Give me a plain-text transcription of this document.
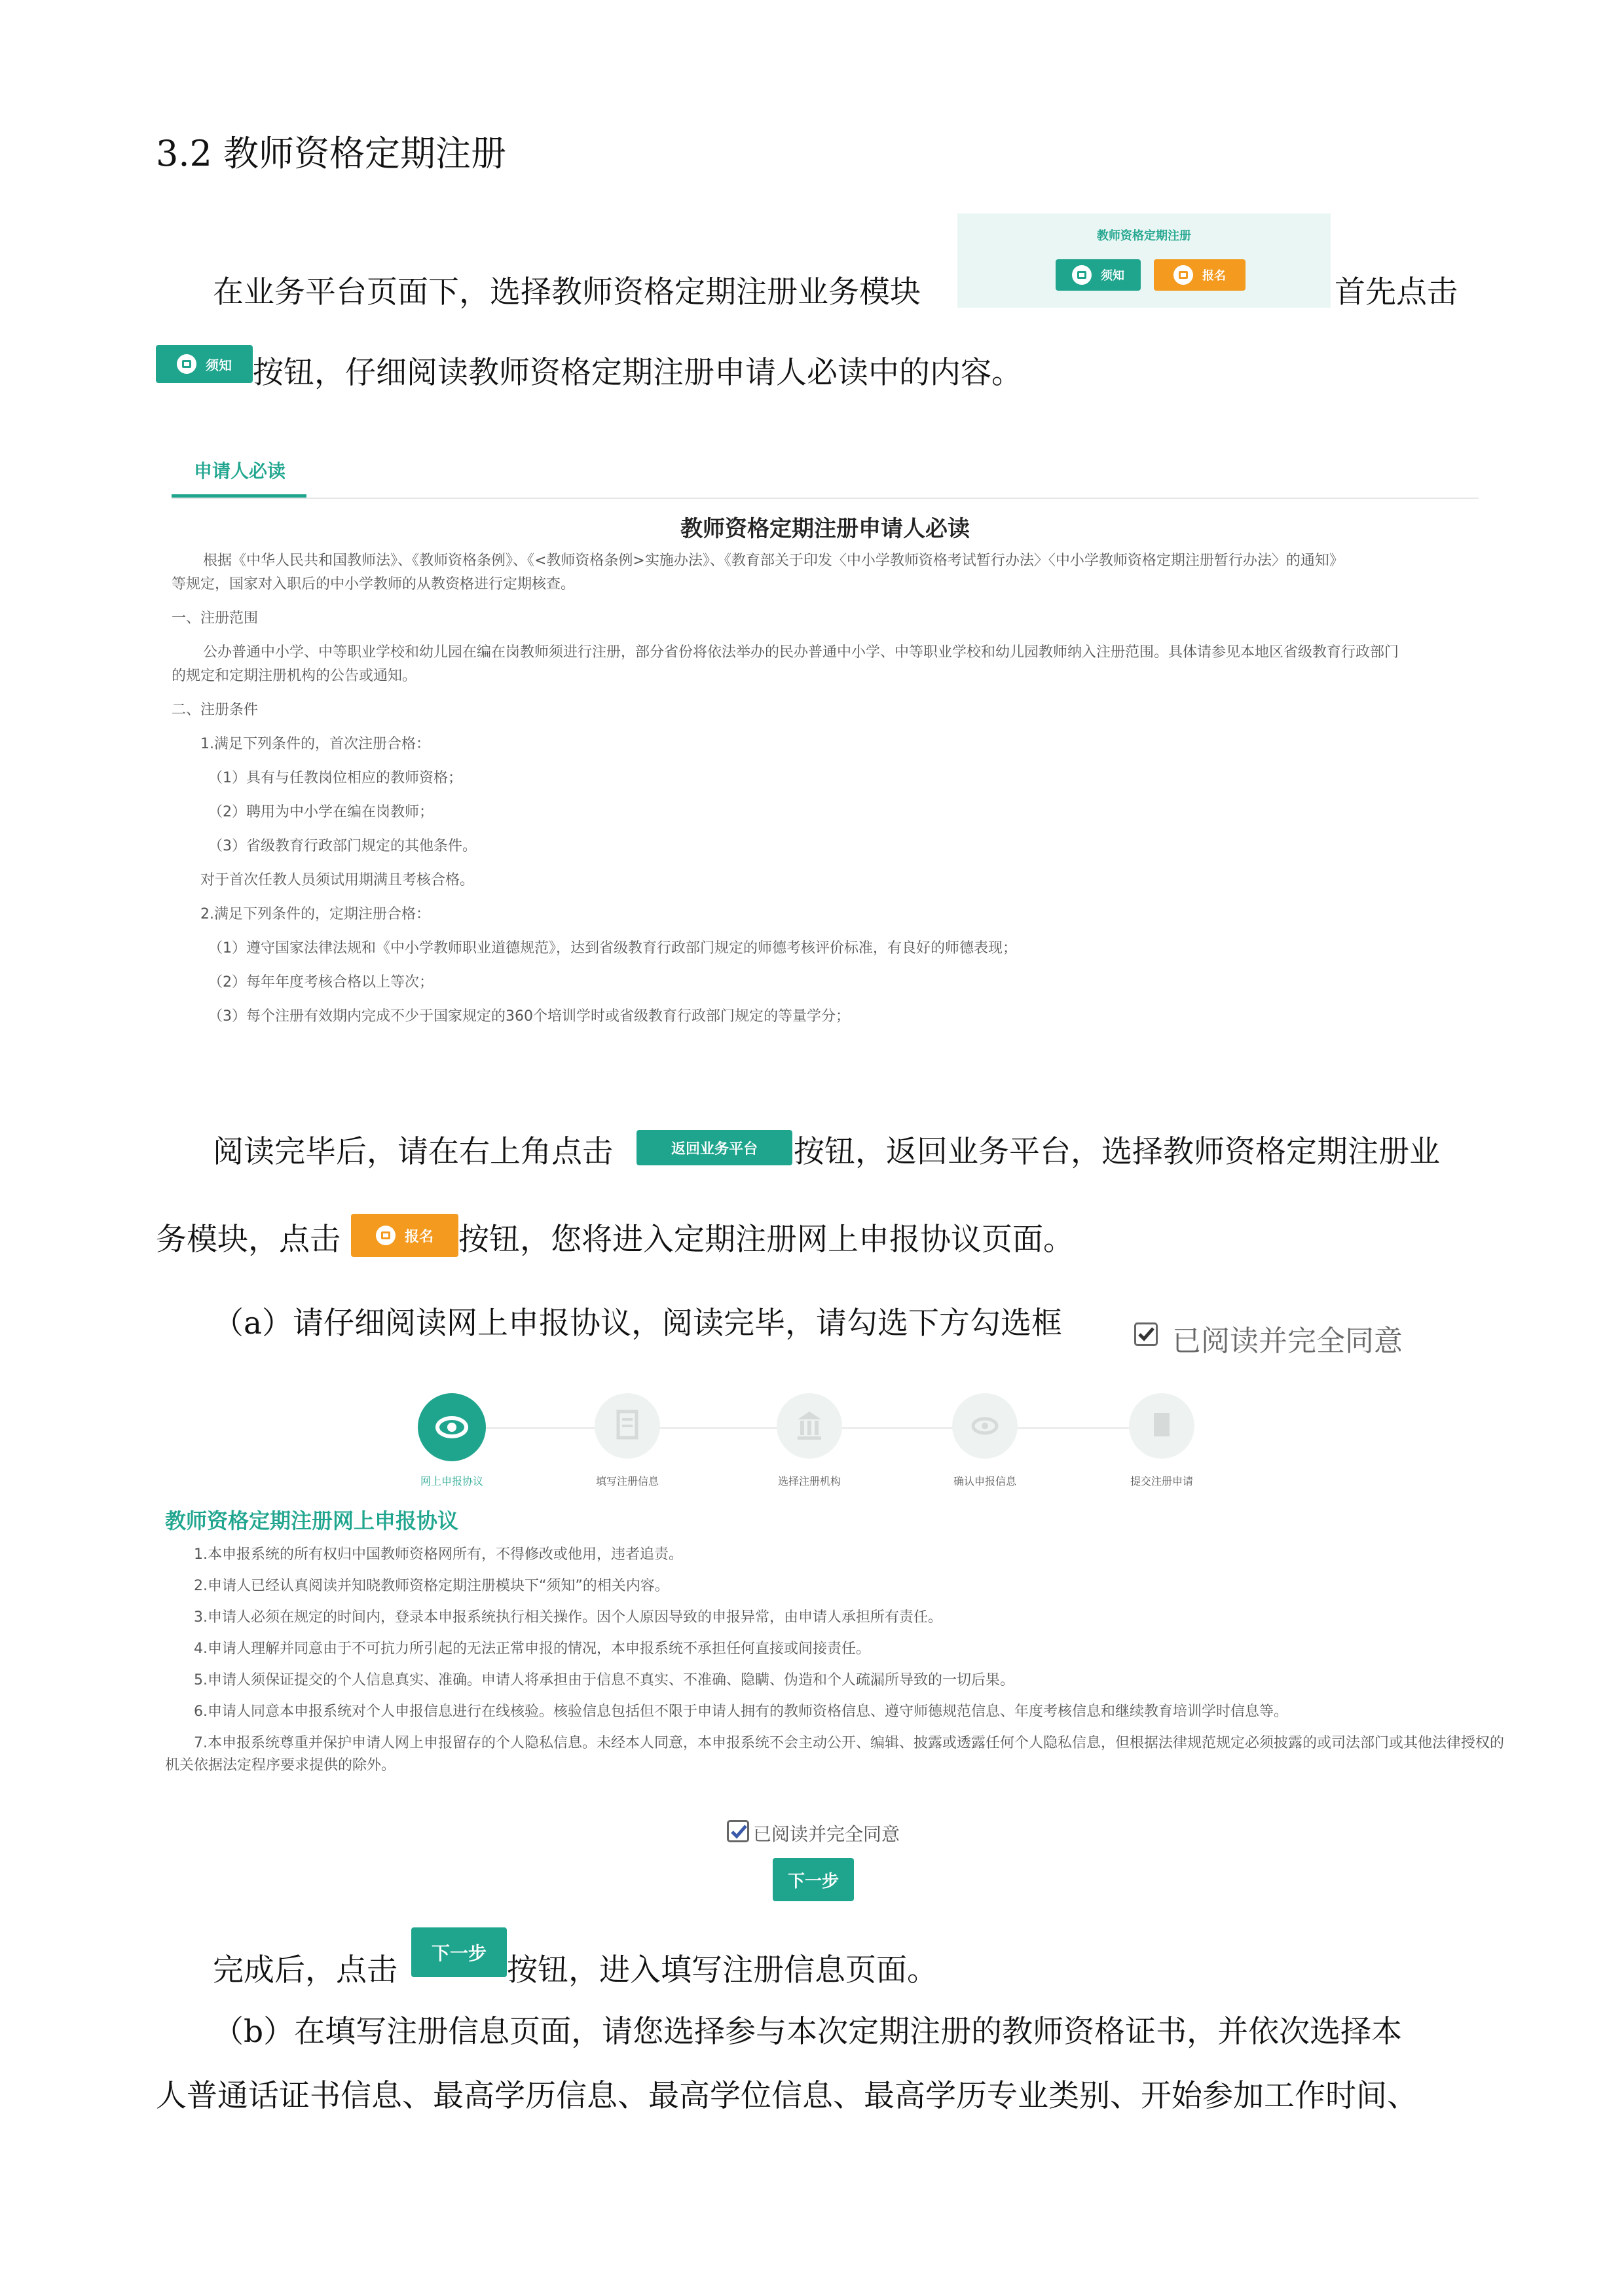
3.2 教师资格定期注册
在业务平台页面下，选择教师资格定期注册业务模块
教师资格定期注册
须知	报名	首先点击
须知 按钮，仔细阅读教师资格定期注册申请人必读中的内容。
申请人必读
教师资格定期注册申请人必读
根据《中华人民共和国教师法》、《教师资格条例》、《<教师资格条例>实施办法》、《教育部关于印发〈中小学教师资格考试暂行办法〉〈中小学教师资格定期注册暂行办法〉的通知》
等规定，国家对入职后的中小学教师的从教资格进行定期核查。
一、注册范围
公办普通中小学、中等职业学校和幼儿园在编在岗教师须进行注册，部分省份将依法举办的民办普通中小学、中等职业学校和幼儿园教师纳入注册范围。具体请参见本地区省级教育行政部门
的规定和定期注册机构的公告或通知。
二、注册条件
1.满足下列条件的，首次注册合格：
（1）具有与任教岗位相应的教师资格；
（2）聘用为中小学在编在岗教师；
（3）省级教育行政部门规定的其他条件。
对于首次任教人员须试用期满且考核合格。
2.满足下列条件的，定期注册合格：
（1）遵守国家法律法规和《中小学教师职业道德规范》，达到省级教育行政部门规定的师德考核评价标准，有良好的师德表现；
（2）每年年度考核合格以上等次；
（3）每个注册有效期内完成不少于国家规定的360个培训学时或省级教育行政部门规定的等量学分；
阅读完毕后，请在右上角点击	返回业务平台	按钮，返回业务平台，选择教师资格定期注册业
务模块，点击	报名 按钮，您将进入定期注册网上申报协议页面。
（a）请仔细阅读网上申报协议，阅读完毕，请勾选下方勾选框	已阅读并完全同意
网上申报协议	填写注册信息	选择注册机构	确认申报信息	提交注册申请
教师资格定期注册网上申报协议
1.本申报系统的所有权归中国教师资格网所有，不得修改或他用，违者追责。
2.申请人已经认真阅读并知晓教师资格定期注册模块下“须知”的相关内容。
3.申请人必须在规定的时间内，登录本申报系统执行相关操作。因个人原因导致的申报异常，由申请人承担所有责任。
4.申请人理解并同意由于不可抗力所引起的无法正常申报的情况，本申报系统不承担任何直接或间接责任。
5.申请人须保证提交的个人信息真实、准确。申请人将承担由于信息不真实、不准确、隐瞒、伪造和个人疏漏所导致的一切后果。
6.申请人同意本申报系统对个人申报信息进行在线核验。核验信息包括但不限于申请人拥有的教师资格信息、遵守师德规范信息、年度考核信息和继续教育培训学时信息等。
7.本申报系统尊重并保护申请人网上申报留存的个人隐私信息。未经本人同意，本申报系统不会主动公开、编辑、披露或透露任何个人隐私信息，但根据法律规范规定必须披露的或司法部门或其他法律授权的
机关依据法定程序要求提供的除外。
已阅读并完全同意
下一步
完成后，点击	下一步 按钮，进入填写注册信息页面。
（b）在填写注册信息页面，请您选择参与本次定期注册的教师资格证书，并依次选择本
人普通话证书信息、最高学历信息、最高学位信息、最高学历专业类别、开始参加工作时间、
